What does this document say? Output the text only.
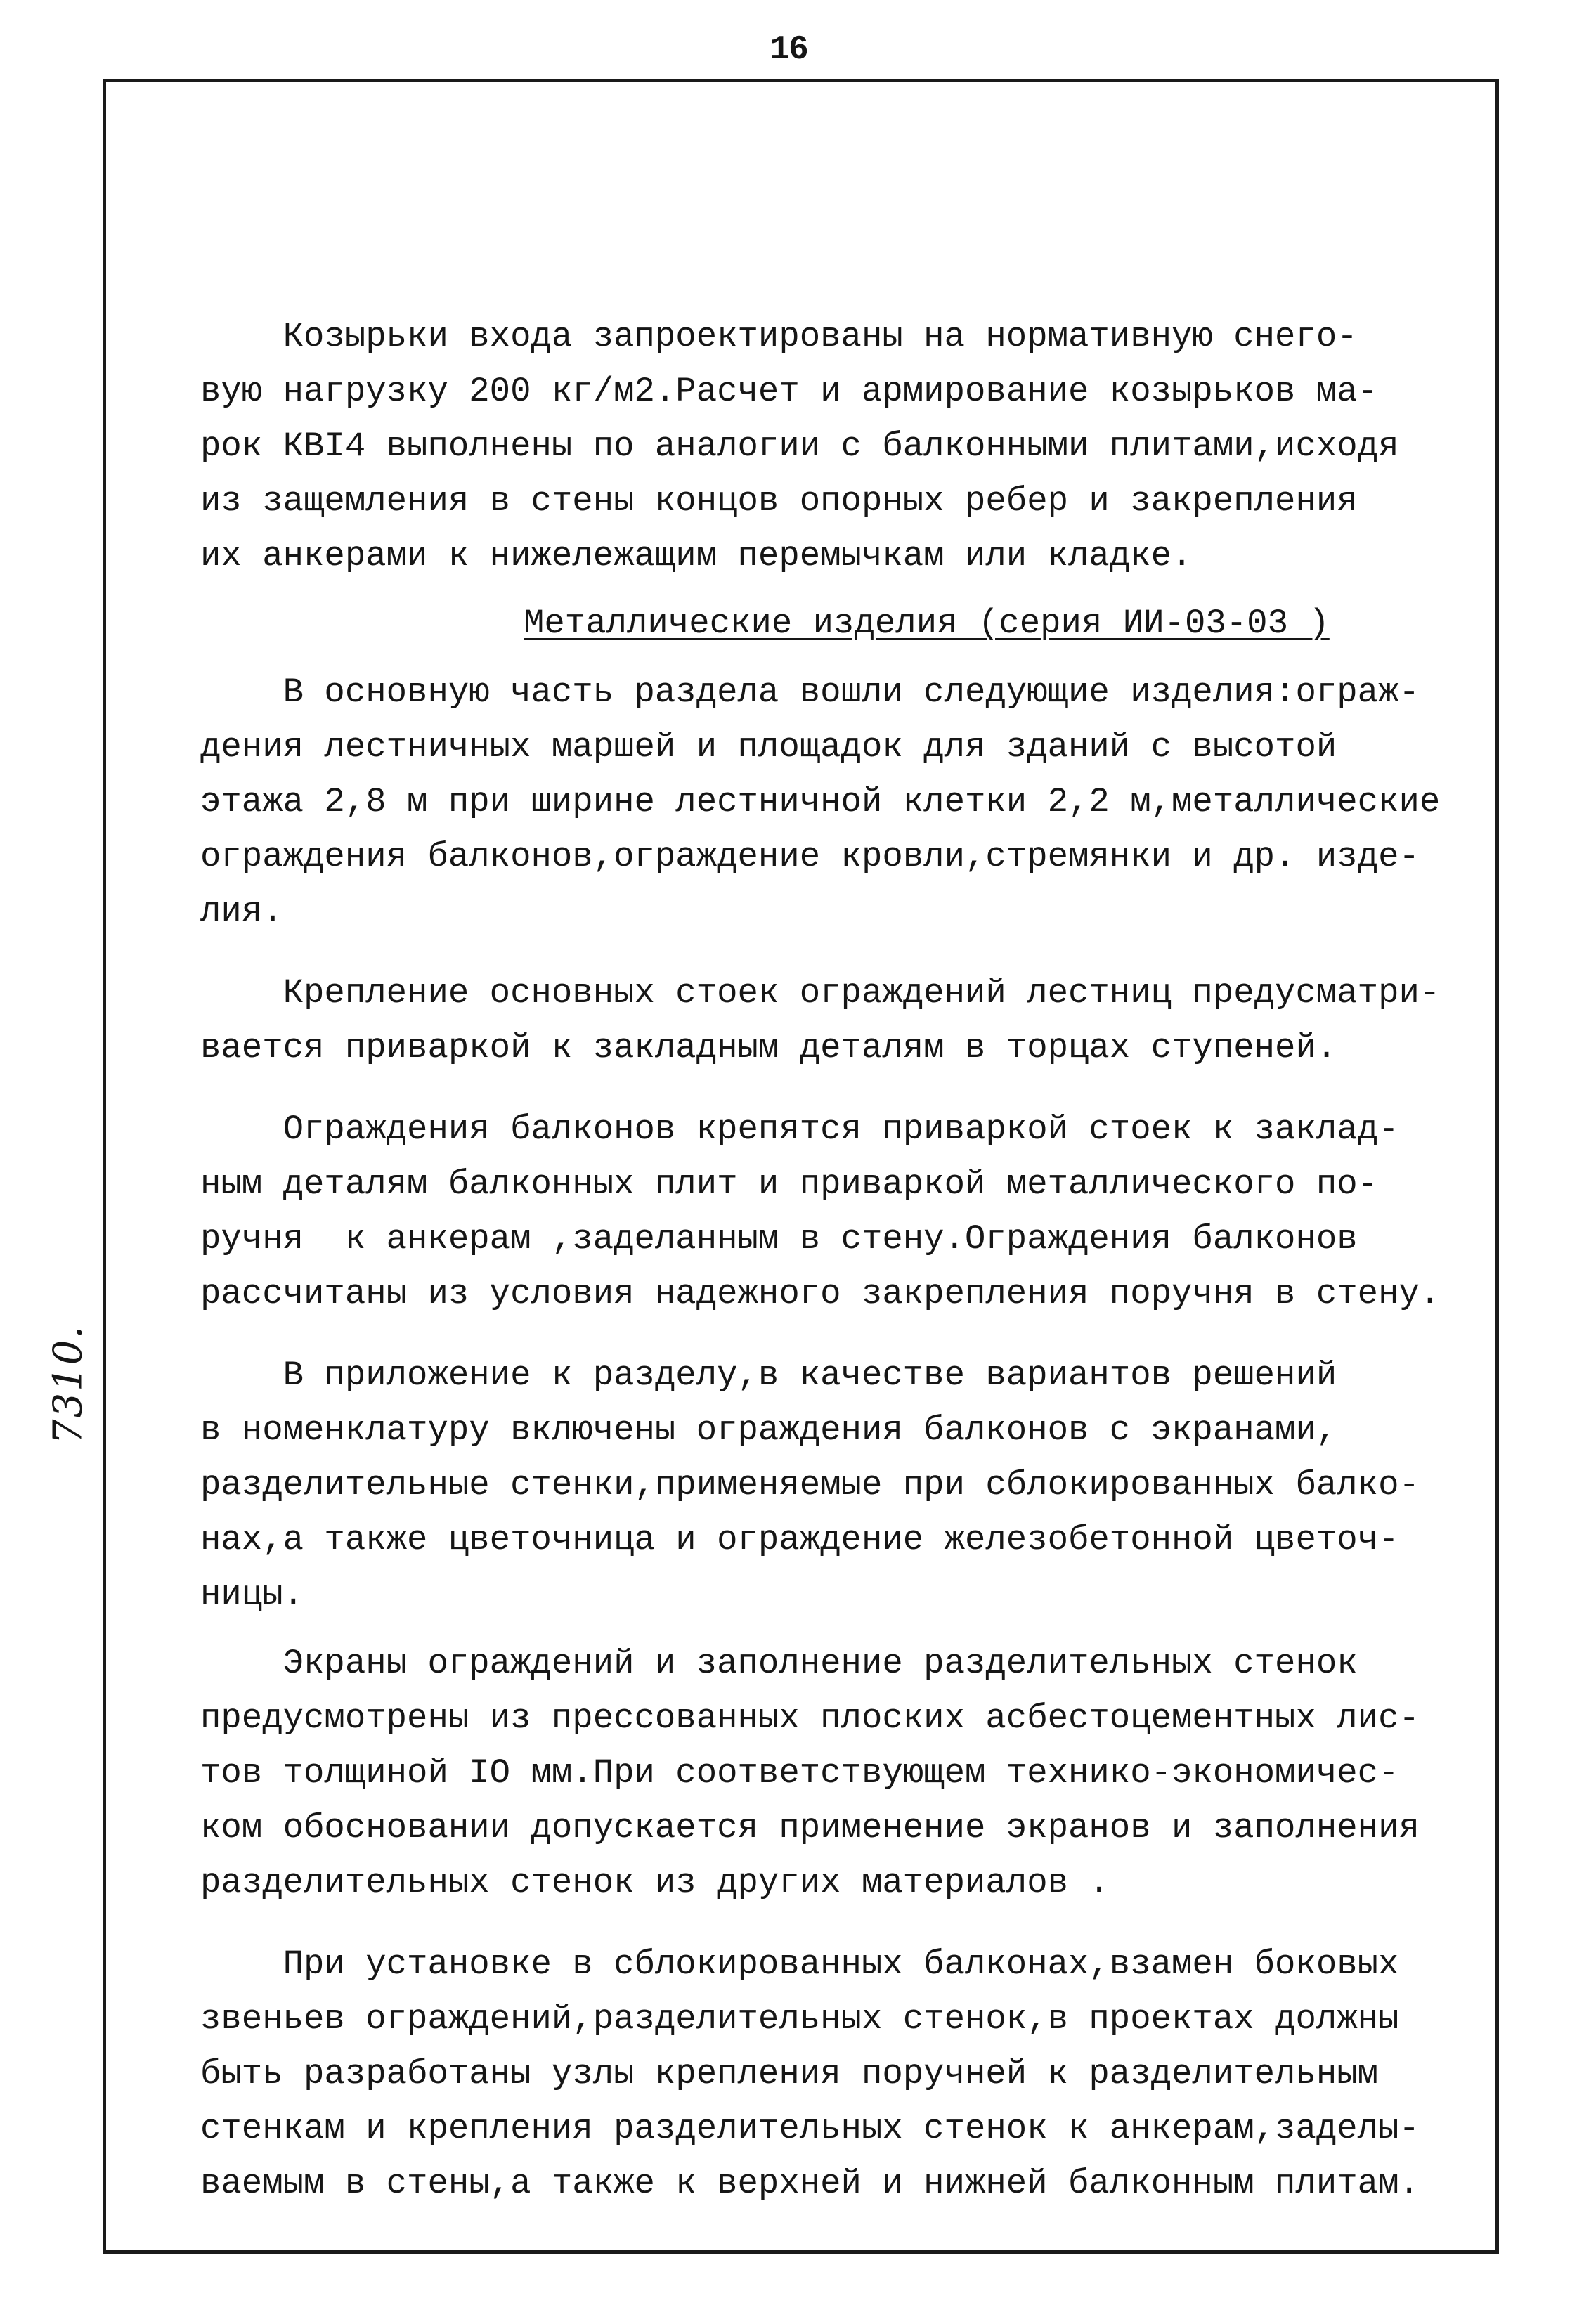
16
7310.
Металлические изделия (серия ИИ-03-03 )

Козырьки входа запроектированы на нормативную снего-

вую нагрузку 200 кг/м2.Расчет и армирование козырьков ма-

рок КВI4 выполнены по аналогии с балконными плитами,исходя

из защемления в стены концов опорных ребер и закрепления

их анкерами к нижележащим перемычкам или кладке.

В основную часть раздела вошли следующие изделия:ограж-

дения лестничных маршей и площадок для зданий с высотой

этажа 2,8 м при ширине лестничной клетки 2,2 м,металлические

ограждения балконов,ограждение кровли,стремянки и др. изде-

лия.

Крепление основных стоек ограждений лестниц предусматри-

вается приваркой к закладным деталям в торцах ступеней.

Ограждения балконов крепятся приваркой стоек к заклад-

ным деталям балконных плит и приваркой металлического по-

ручня  к анкерам ,заделанным в стену.Ограждения балконов

рассчитаны из условия надежного закрепления поручня в стену.

В приложение к разделу,в качестве вариантов решений

в номенклатуру включены ограждения балконов с экранами,

разделительные стенки,применяемые при сблокированных балко-

нах,а также цветочница и ограждение железобетонной цветоч-

ницы.

Экраны ограждений и заполнение разделительных стенок

предусмотрены из прессованных плоских асбестоцементных лис-

тов толщиной IO мм.При соответствующем технико-экономичес-

ком обосновании допускается применение экранов и заполнения

разделительных стенок из других материалов .

При установке в сблокированных балконах,взамен боковых

звеньев ограждений,разделительных стенок,в проектах должны

быть разработаны узлы крепления поручней к разделительным

стенкам и крепления разделительных стенок к анкерам,заделы-

ваемым в стены,а также к верхней и нижней балконным плитам.
